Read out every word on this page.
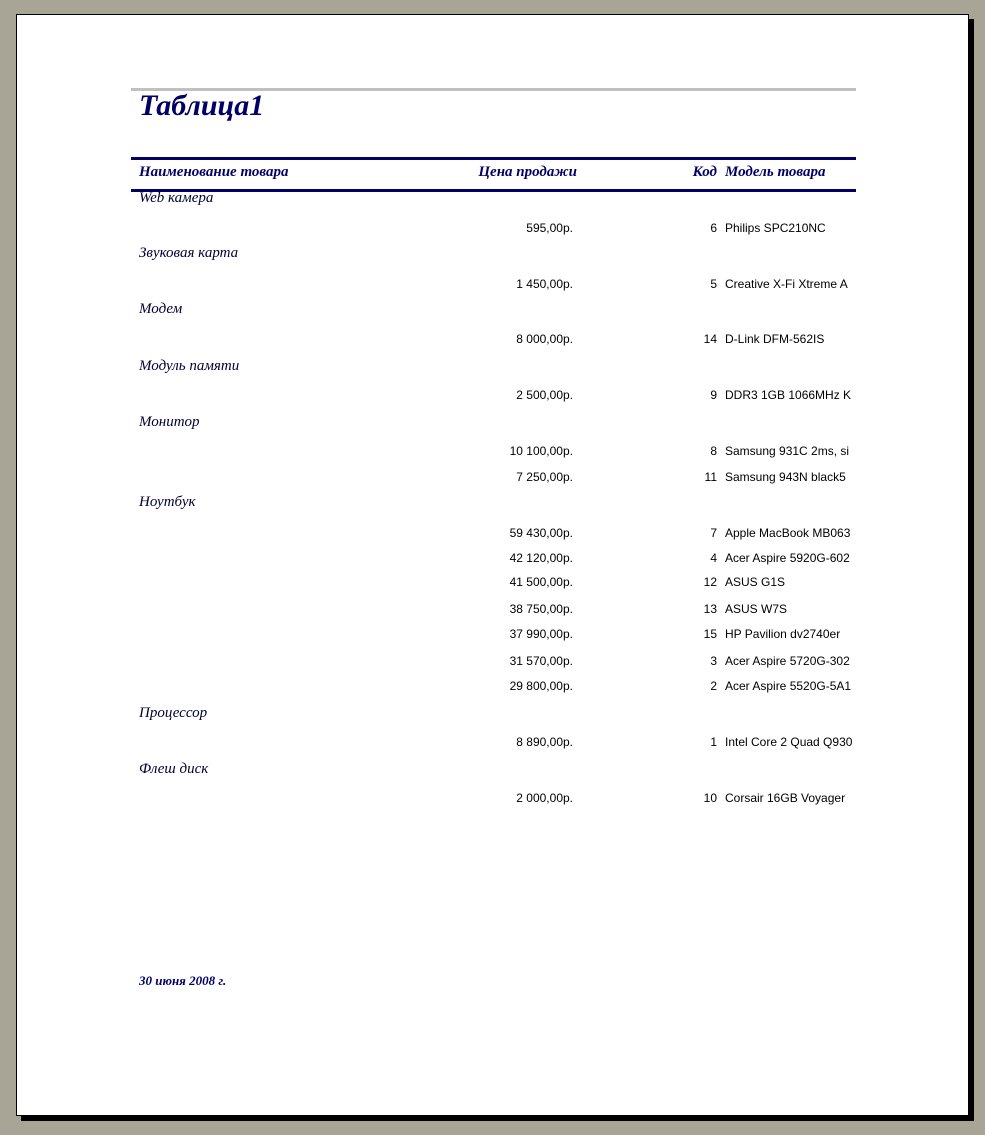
Таблица1
Наименование товара	Цена продажи	Код Модель товара
Web камера
595,00р.	6 Philips SPC210NC
Звуковая карта
1 450,00р.	5 Creative X-Fi Xtreme A
Модем
8 000,00р.	14 D-Link DFM-562IS
Модуль памяти
2 500,00р.	9 DDR3 1GB 1066MHz K
Монитор
10 100,00р.	8 Samsung 931C 2ms, si
7 250,00р.	11 Samsung 943N black5
Ноутбук
59 430,00р.	7 Apple MacBook MB063
42 120,00р.	4 Acer Aspire 5920G-602
41 500,00р.	12 ASUS G1S
38 750,00р.	13 ASUS W7S
37 990,00р.	15 HP Pavilion dv2740er
31 570,00р.	3 Acer Aspire 5720G-302
29 800,00р.	2 Acer Aspire 5520G-5A1
Процессор
8 890,00р.	1 Intel Core 2 Quad Q930
Флеш диск
2 000,00р.	10 Corsair 16GB Voyager
30 июня 2008 г.
